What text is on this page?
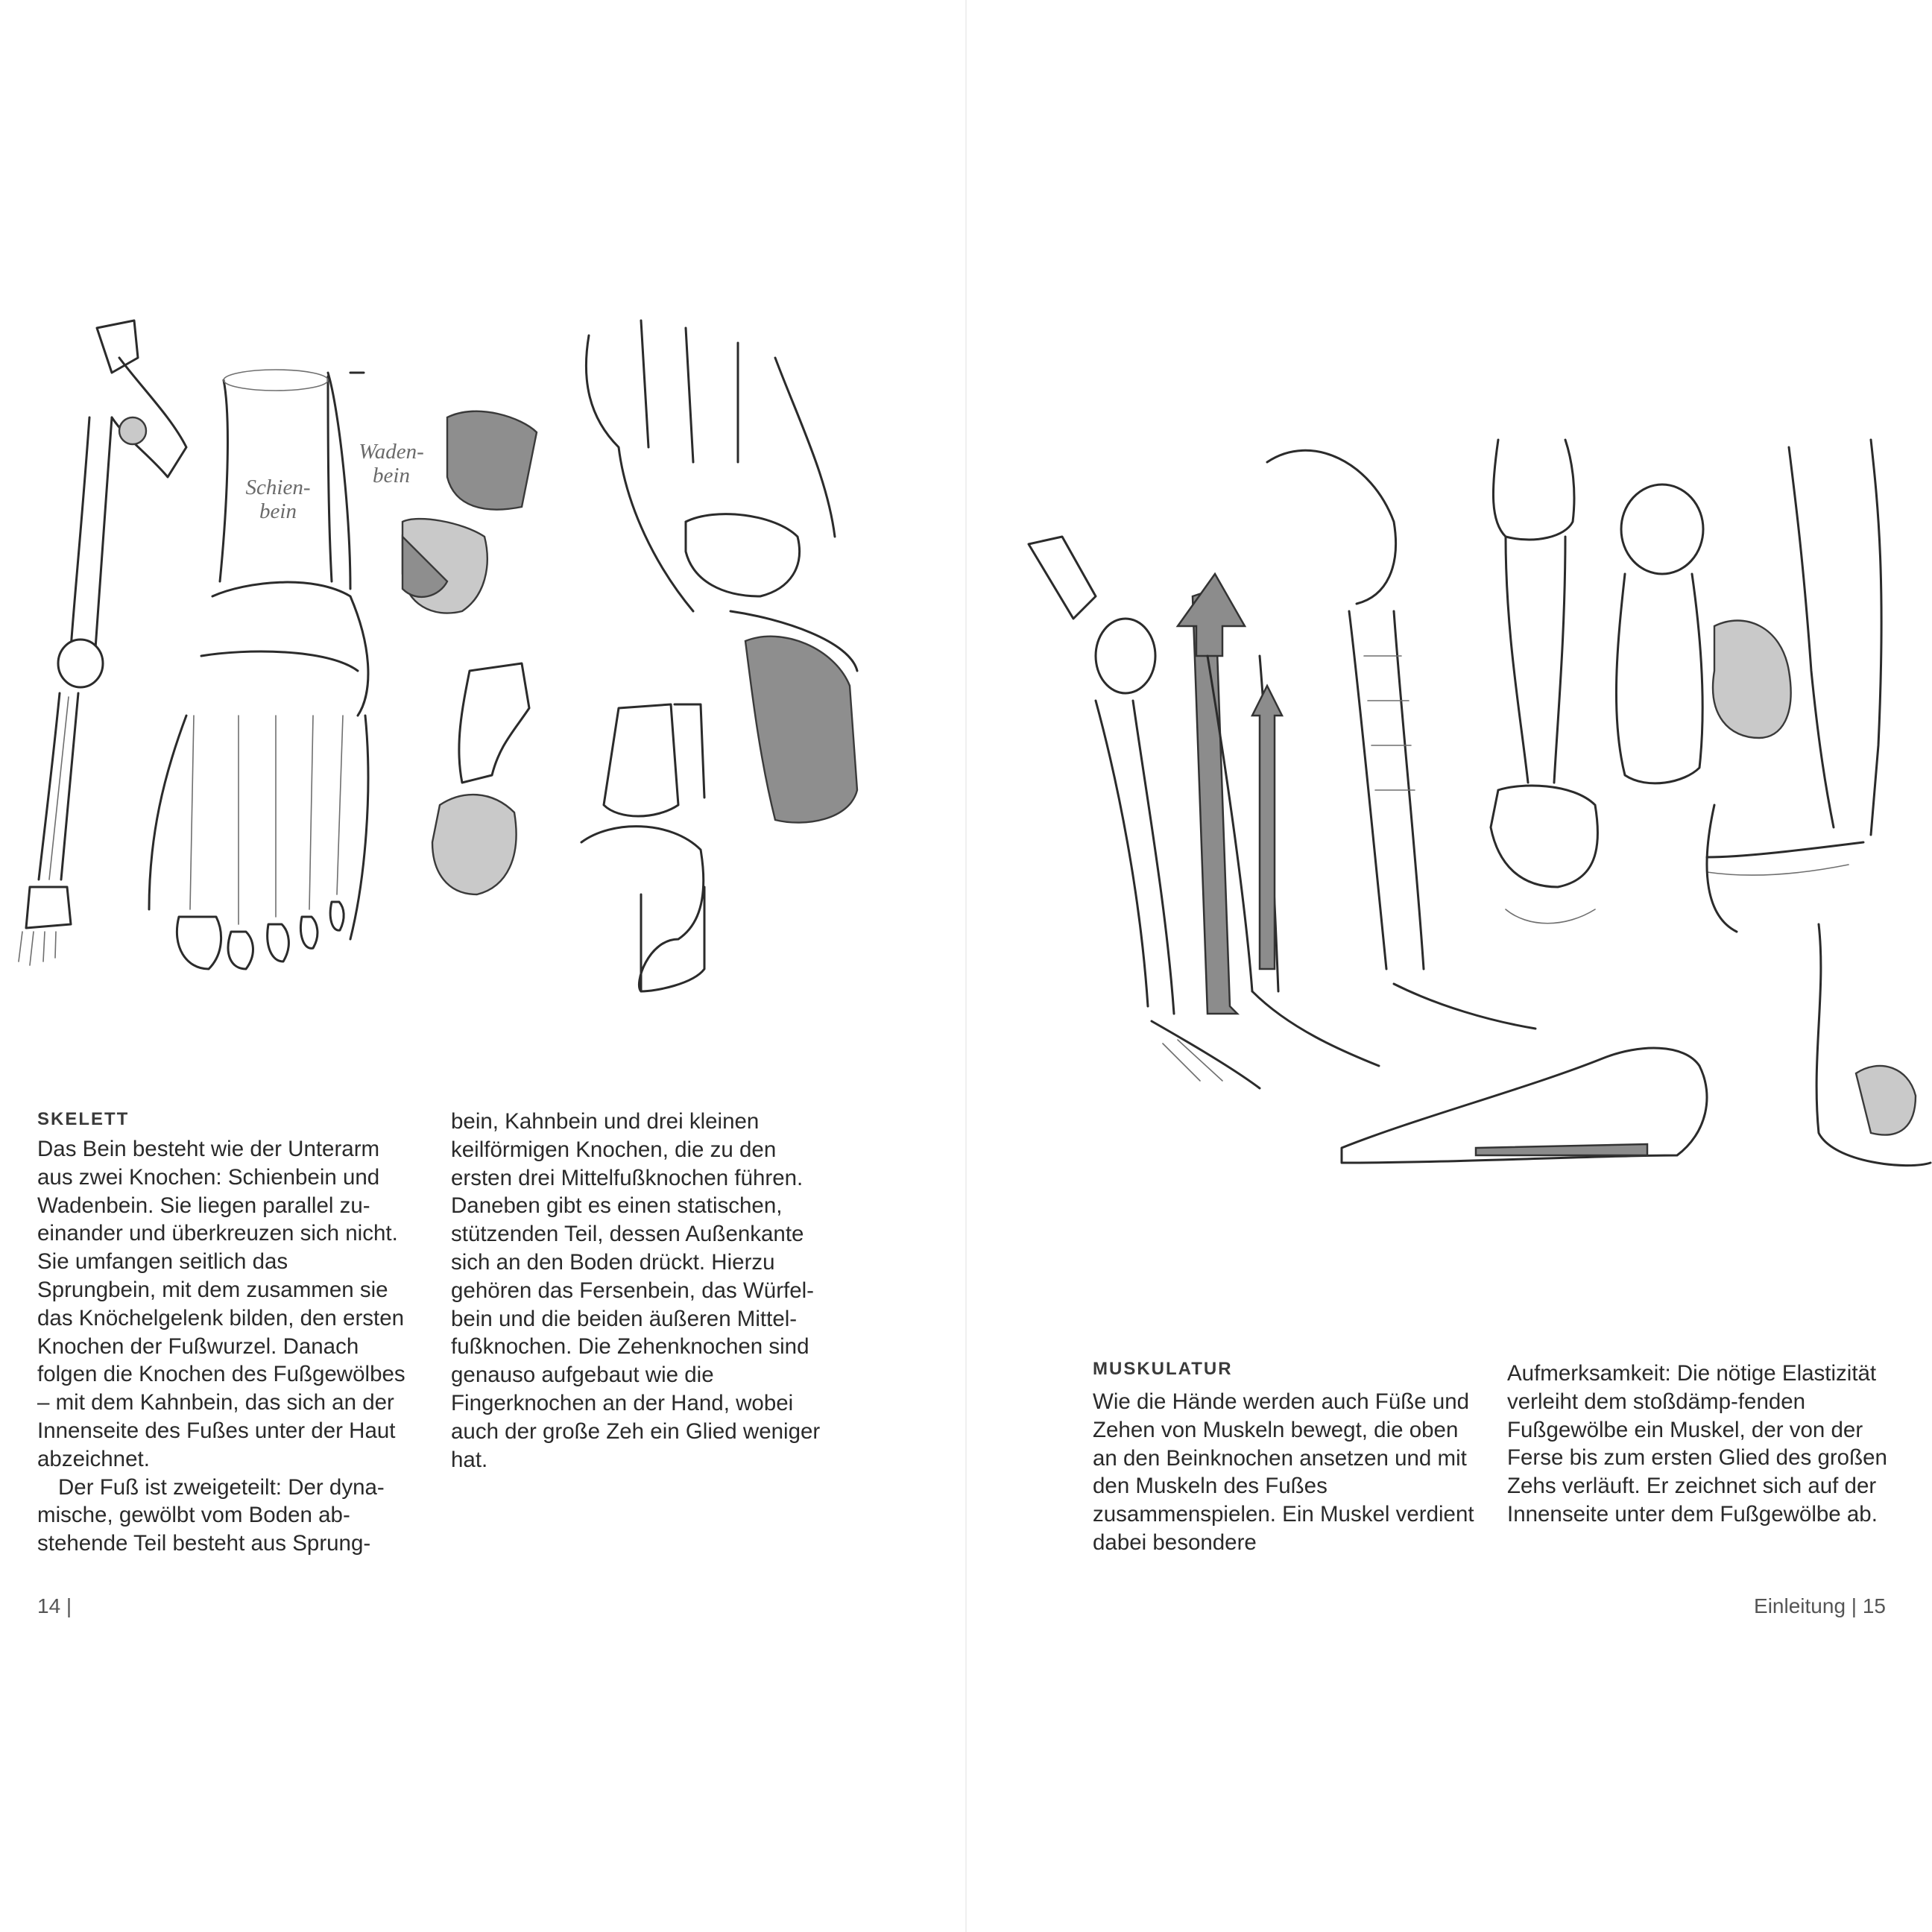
Schien-
bein
Waden-
bein
SKELETT

Das Bein besteht wie der Unterarm aus zwei Knochen: Schienbein und Wadenbein. Sie liegen parallel zu-einander und überkreuzen sich nicht. Sie umfangen seitlich das Sprungbein, mit dem zusammen sie das Knöchelgelenk bilden, den ersten Knochen der Fußwurzel. Danach folgen die Knochen des Fußgewölbes – mit dem Kahnbein, das sich an der Innenseite des Fußes unter der Haut abzeichnet.

Der Fuß ist zweigeteilt: Der dyna-mische, gewölbt vom Boden ab-stehende Teil besteht aus Sprung-

bein, Kahnbein und drei kleinen keilförmigen Knochen, die zu den ersten drei Mittelfußknochen führen. Daneben gibt es einen statischen, stützenden Teil, dessen Außenkante sich an den Boden drückt. Hierzu gehören das Fersenbein, das Würfel-bein und die beiden äußeren Mittel-fußknochen. Die Zehenknochen sind genauso aufgebaut wie die Fingerknochen an der Hand, wobei auch der große Zeh ein Glied weniger hat.

14 |
MUSKULATUR

Wie die Hände werden auch Füße und Zehen von Muskeln bewegt, die oben an den Beinknochen ansetzen und mit den Muskeln des Fußes zusammenspielen. Ein Muskel verdient dabei besondere

Aufmerksamkeit: Die nötige Elastizität verleiht dem stoßdämp-fenden Fußgewölbe ein Muskel, der von der Ferse bis zum ersten Glied des großen Zehs verläuft. Er zeichnet sich auf der Innenseite unter dem Fußgewölbe ab.

Einleitung | 15
